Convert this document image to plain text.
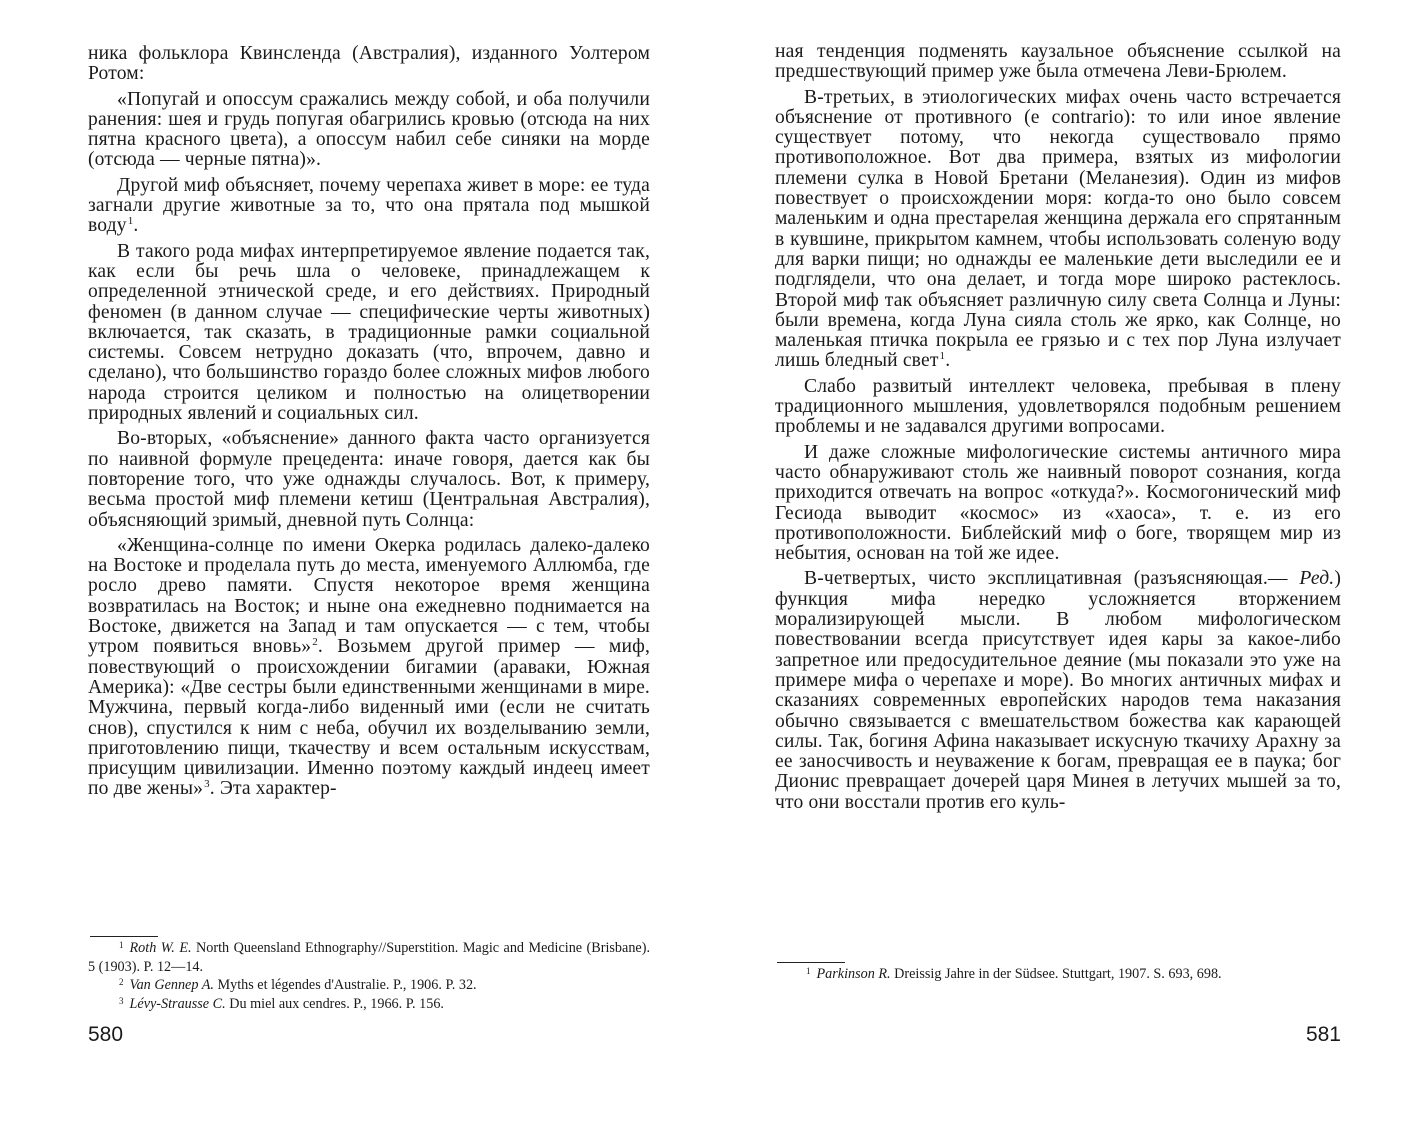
ника фольклора Квинсленда (Австралия), изданного Уолтером Ротом:

«Попугай и опоссум сражались между собой, и оба получили ранения: шея и грудь попугая обагрились кровью (отсюда на них пятна красного цвета), а опоссум набил себе синяки на морде (отсюда — черные пятна)».

Другой миф объясняет, почему черепаха живет в море: ее туда загнали другие животные за то, что она прятала под мышкой воду$^1$.

В такого рода мифах интерпретируемое явление подается так, как если бы речь шла о человеке, принадлежащем к определенной этнической среде, и его действиях. Природный феномен (в данном случае — специфические черты животных) включается, так сказать, в традиционные рамки социальной системы. Совсем нетрудно доказать (что, впрочем, давно и сделано), что большинство гораздо более сложных мифов любого народа строится целиком и полностью на олицетворении природных явлений и социальных сил.

Во-вторых, «объяснение» данного факта часто организуется по наивной формуле прецедента: иначе говоря, дается как бы повторение того, что уже однажды случалось. Вот, к примеру, весьма простой миф племени кетиш (Центральная Австралия), объясняющий зримый, дневной путь Солнца:

«Женщина-солнце по имени Окерка родилась далеко-далеко на Востоке и проделала путь до места, именуемого Аллюмба, где росло древо памяти. Спустя некоторое время женщина возвратилась на Восток; и ныне она ежедневно поднимается на Востоке, движется на Запад и там опускается — с тем, чтобы утром появиться вновь»$^2$. Возьмем другой пример — миф, повествующий о происхождении бигамии (араваки, Южная Америка): «Две сестры были единственными женщинами в мире. Мужчина, первый когда-либо виденный ими (если не считать снов), спустился к ним с неба, обучил их возделыванию земли, приготовлению пищи, ткачеству и всем остальным искусствам, присущим цивилизации. Именно поэтому каждый индеец имеет по две жены»$^3$. Эта характер-

$^1$ Roth W. E. North Queensland Ethnography//Superstition. Magic and Medicine (Brisbane). 5 (1903). P. 12—14.

$^2$ Van Gennep A. Myths et légendes d'Australie. P., 1906. P. 32.

$^3$ Lévy-Strausse C. Du miel aux cendres. P., 1966. P. 156.

580

ная тенденция подменять каузальное объяснение ссылкой на предшествующий пример уже была отмечена Леви-Брюлем.

В-третьих, в этиологических мифах очень часто встречается объяснение от противного (e contrario): то или иное явление существует потому, что некогда существовало прямо противоположное. Вот два примера, взятых из мифологии племени сулка в Новой Бретани (Меланезия). Один из мифов повествует о происхождении моря: когда-то оно было совсем маленьким и одна престарелая женщина держала его спрятанным в кувшине, прикрытом камнем, чтобы использовать соленую воду для варки пищи; но однажды ее маленькие дети выследили ее и подглядели, что она делает, и тогда море широко растеклось. Второй миф так объясняет различную силу света Солнца и Луны: были времена, когда Луна сияла столь же ярко, как Солнце, но маленькая птичка покрыла ее грязью и с тех пор Луна излучает лишь бледный свет$^1$.

Слабо развитый интеллект человека, пребывая в плену традиционного мышления, удовлетворялся подобным решением проблемы и не задавался другими вопросами.

И даже сложные мифологические системы античного мира часто обнаруживают столь же наивный поворот сознания, когда приходится отвечать на вопрос «откуда?». Космогонический миф Гесиода выводит «космос» из «хаоса», т. е. из его противоположности. Библейский миф о боге, творящем мир из небытия, основан на той же идее.

В-четвертых, чисто эксплицативная (разъясняющая.— Ред.) функция мифа нередко усложняется вторжением морализирующей мысли. В любом мифологическом повествовании всегда присутствует идея кары за какое-либо запретное или предосудительное деяние (мы показали это уже на примере мифа о черепахе и море). Во многих античных мифах и сказаниях современных европейских народов тема наказания обычно связывается с вмешательством божества как карающей силы. Так, богиня Афина наказывает искусную ткачиху Арахну за ее заносчивость и неуважение к богам, превращая ее в паука; бог Дионис превращает дочерей царя Минея в летучих мышей за то, что они восстали против его куль-

$^1$ Parkinson R. Dreissig Jahre in der Südsee. Stuttgart, 1907. S. 693, 698.

581
